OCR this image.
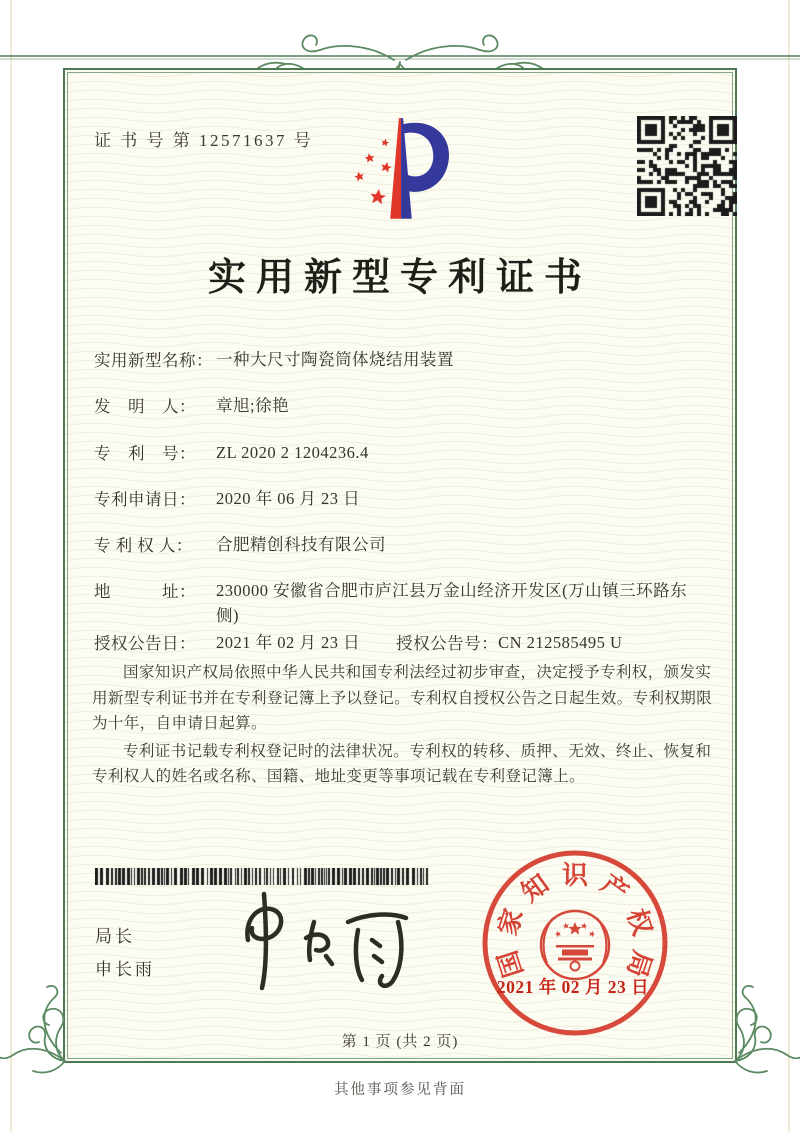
证 书 号 第 12571637 号
实用新型专利证书
实用新型名称： 一种大尺寸陶瓷筒体烧结用装置
发　明　人： 章旭;徐艳
专　利　号： ZL 2020 2 1204236.4
专利申请日： 2020 年 06 月 23 日
专 利 权 人： 合肥精创科技有限公司
地　　　址： 230000 安徽省合肥市庐江县万金山经济开发区(万山镇三环路东侧)
授权公告日： 2021 年 02 月 23 日 授权公告号：CN 212585495 U

国家知识产权局依照中华人民共和国专利法经过初步审查，决定授予专利权，颁发实用新型专利证书并在专利登记簿上予以登记。专利权自授权公告之日起生效。专利权期限为十年，自申请日起算。

专利证书记载专利权登记时的法律状况。专利权的转移、质押、无效、终止、恢复和专利权人的姓名或名称、国籍、地址变更等事项记载在专利登记簿上。

局长
申长雨	国
家
知 识 产
权
局
2021 年 02 月 23 日
第 1 页 (共 2 页)
其他事项参见背面
